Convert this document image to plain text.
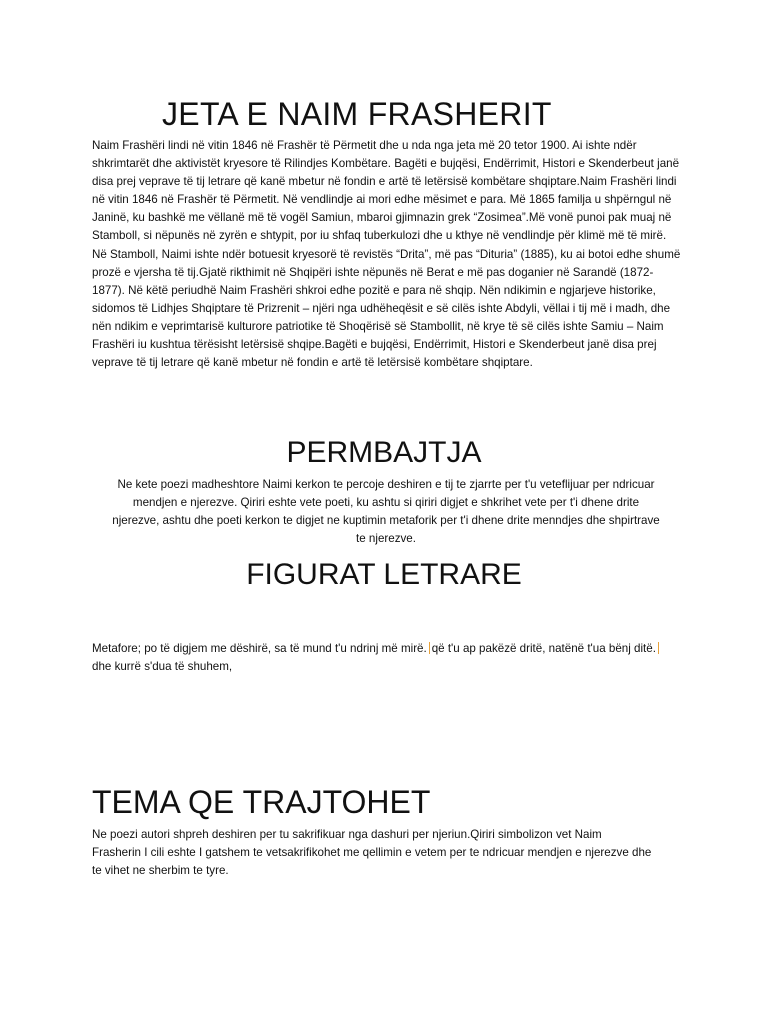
JETA E NAIM FRASHERIT

Naim Frashëri lindi në vitin 1846 në Frashër të Përmetit dhe u nda nga jeta më 20 tetor 1900. Ai ishte ndër shkrimtarët dhe aktivistët kryesore të Rilindjes Kombëtare. Bagëti e bujqësi, Endërrimit, Histori e Skenderbeut janë disa prej veprave të tij letrare që kanë mbetur në fondin e artë të letërsisë kombëtare shqiptare.Naim Frashëri lindi në vitin 1846 në Frashër të Përmetit. Në vendlindje ai mori edhe mësimet e para. Më 1865 familja u shpërngul në Janinë, ku bashkë me vëllanë më të vogël Samiun, mbaroi gjimnazin grek “Zosimea”.Më vonë punoi pak muaj në Stamboll, si nëpunës në zyrën e shtypit, por iu shfaq tuberkulozi dhe u kthye në vendlindje për klimë më të mirë. Në Stamboll, Naimi ishte ndër botuesit kryesorë të revistës “Drita”, më pas “Dituria” (1885), ku ai botoi edhe shumë prozë e vjersha të tij.Gjatë rikthimit në Shqipëri ishte nëpunës në Berat e më pas doganier në Sarandë (1872-1877). Në këtë periudhë Naim Frashëri shkroi edhe pozitë e para në shqip. Nën ndikimin e ngjarjeve historike, sidomos të Lidhjes Shqiptare të Prizrenit – njëri nga udhëheqësit e së cilës ishte Abdyli, vëllai i tij më i madh, dhe nën ndikim e veprimtarisë kulturore patriotike të Shoqërisë së Stambollit, në krye të së cilës ishte Samiu – Naim Frashëri iu kushtua tërësisht letërsisë shqipe.Bagëti e bujqësi, Endërrimit, Histori e Skenderbeut janë disa prej veprave të tij letrare që kanë mbetur në fondin e artë të letërsisë kombëtare shqiptare.

PERMBAJTJA

Ne kete poezi madheshtore Naimi kerkon te percoje deshiren e tij te zjarrte per t'u veteflijuar per ndricuar mendjen e njerezve. Qiriri eshte vete poeti, ku ashtu si qiriri digjet e shkrihet vete per t'i dhene drite njerezve, ashtu dhe poeti kerkon te digjet ne kuptimin metaforik per t'i dhene drite menndjes dhe shpirtrave te njerezve.

FIGURAT LETRARE

Metafore; po të digjem me dëshirë, sa të mund t'u ndrinj më mirë. që t'u ap pakëzë dritë, natënë t'ua bënj ditë.dhe kurrë s'dua të shuhem,

TEMA QE TRAJTOHET

Ne poezi autori shpreh deshiren per tu sakrifikuar nga dashuri per njeriun.Qiriri simbolizon vet Naim Frasherin I cili eshte I gatshem te vetsakrifikohet me qellimin e vetem per te ndricuar mendjen e njerezve dhe te vihet ne sherbim te tyre.
